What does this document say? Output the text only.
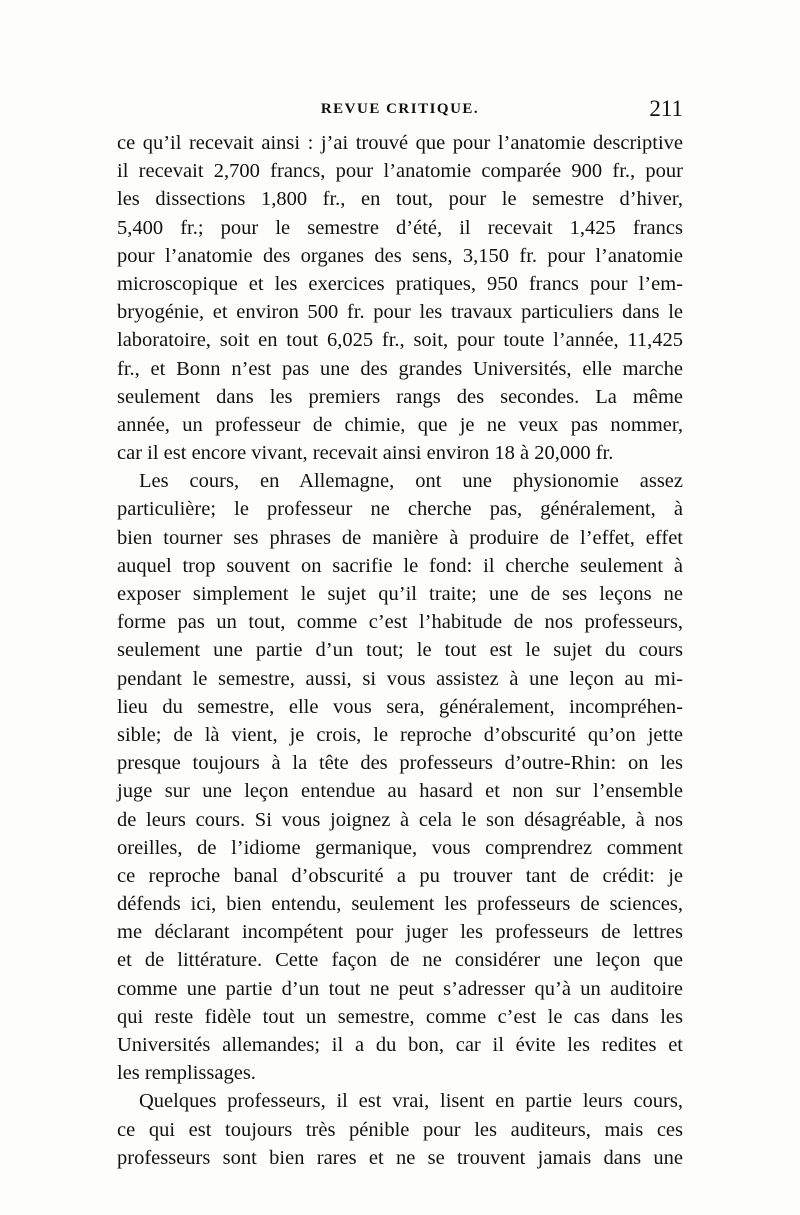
REVUE CRITIQUE.	211
ce qu’il recevait ainsi : j’ai trouvé que pour l’anatomie descriptive
il recevait 2,700 francs, pour l’anatomie comparée 900 fr., pour
les dissections 1,800 fr., en tout, pour le semestre d’hiver,
5,400 fr.; pour le semestre d’été, il recevait 1,425 francs
pour l’anatomie des organes des sens, 3,150 fr. pour l’anatomie
microscopique et les exercices pratiques, 950 francs pour l’em-
bryogénie, et environ 500 fr. pour les travaux particuliers dans le
laboratoire, soit en tout 6,025 fr., soit, pour toute l’année, 11,425
fr., et Bonn n’est pas une des grandes Universités, elle marche
seulement dans les premiers rangs des secondes. La même
année, un professeur de chimie, que je ne veux pas nommer,
car il est encore vivant, recevait ainsi environ 18 à 20,000 fr.
Les cours, en Allemagne, ont une physionomie assez
particulière; le professeur ne cherche pas, généralement, à
bien tourner ses phrases de manière à produire de l’effet, effet
auquel trop souvent on sacrifie le fond: il cherche seulement à
exposer simplement le sujet qu’il traite; une de ses leçons ne
forme pas un tout, comme c’est l’habitude de nos professeurs,
seulement une partie d’un tout; le tout est le sujet du cours
pendant le semestre, aussi, si vous assistez à une leçon au mi-
lieu du semestre, elle vous sera, généralement, incompréhen-
sible; de là vient, je crois, le reproche d’obscurité qu’on jette
presque toujours à la tête des professeurs d’outre-Rhin: on les
juge sur une leçon entendue au hasard et non sur l’ensemble
de leurs cours. Si vous joignez à cela le son désagréable, à nos
oreilles, de l’idiome germanique, vous comprendrez comment
ce reproche banal d’obscurité a pu trouver tant de crédit: je
défends ici, bien entendu, seulement les professeurs de sciences,
me déclarant incompétent pour juger les professeurs de lettres
et de littérature. Cette façon de ne considérer une leçon que
comme une partie d’un tout ne peut s’adresser qu’à un auditoire
qui reste fidèle tout un semestre, comme c’est le cas dans les
Universités allemandes; il a du bon, car il évite les redites et
les remplissages.
Quelques professeurs, il est vrai, lisent en partie leurs cours,
ce qui est toujours très pénible pour les auditeurs, mais ces
professeurs sont bien rares et ne se trouvent jamais dans une
